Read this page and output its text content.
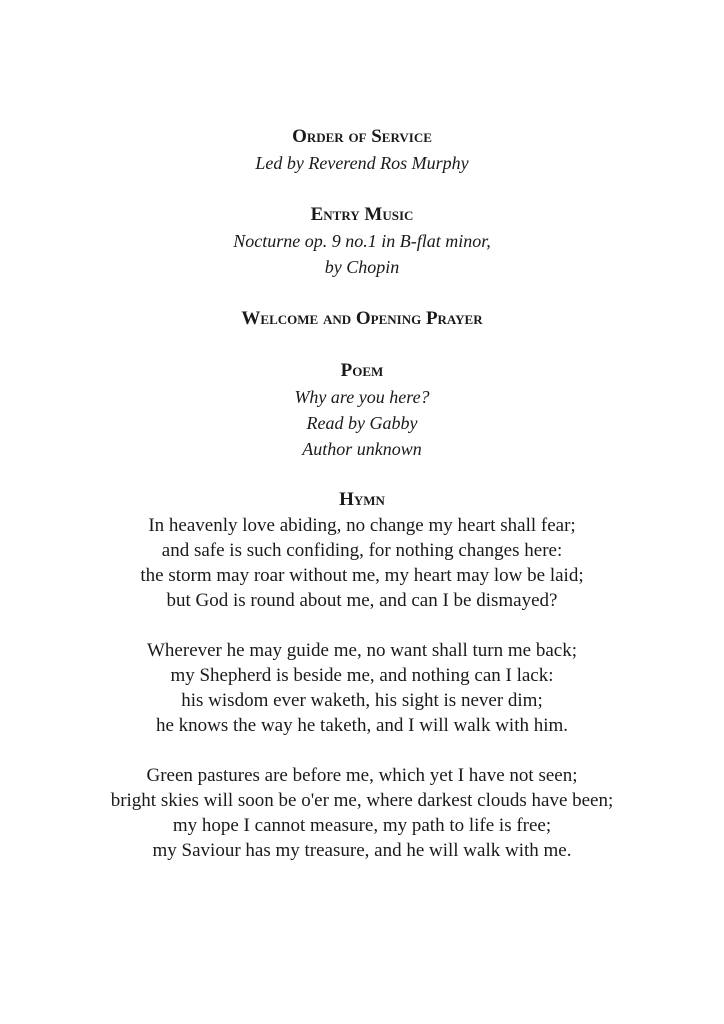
Order of Service

Led by Reverend Ros Murphy

Entry Music

Nocturne op. 9 no.1 in B-flat minor,

by Chopin

Welcome and Opening Prayer

Poem

Why are you here?

Read by Gabby

Author unknown

Hymn

In heavenly love abiding, no change my heart shall fear;

and safe is such confiding, for nothing changes here:

the storm may roar without me, my heart may low be laid;

but God is round about me, and can I be dismayed?

Wherever he may guide me, no want shall turn me back;

my Shepherd is beside me, and nothing can I lack:

his wisdom ever waketh, his sight is never dim;

he knows the way he taketh, and I will walk with him.

Green pastures are before me, which yet I have not seen;

bright skies will soon be o'er me, where darkest clouds have been;

my hope I cannot measure, my path to life is free;

my Saviour has my treasure, and he will walk with me.
